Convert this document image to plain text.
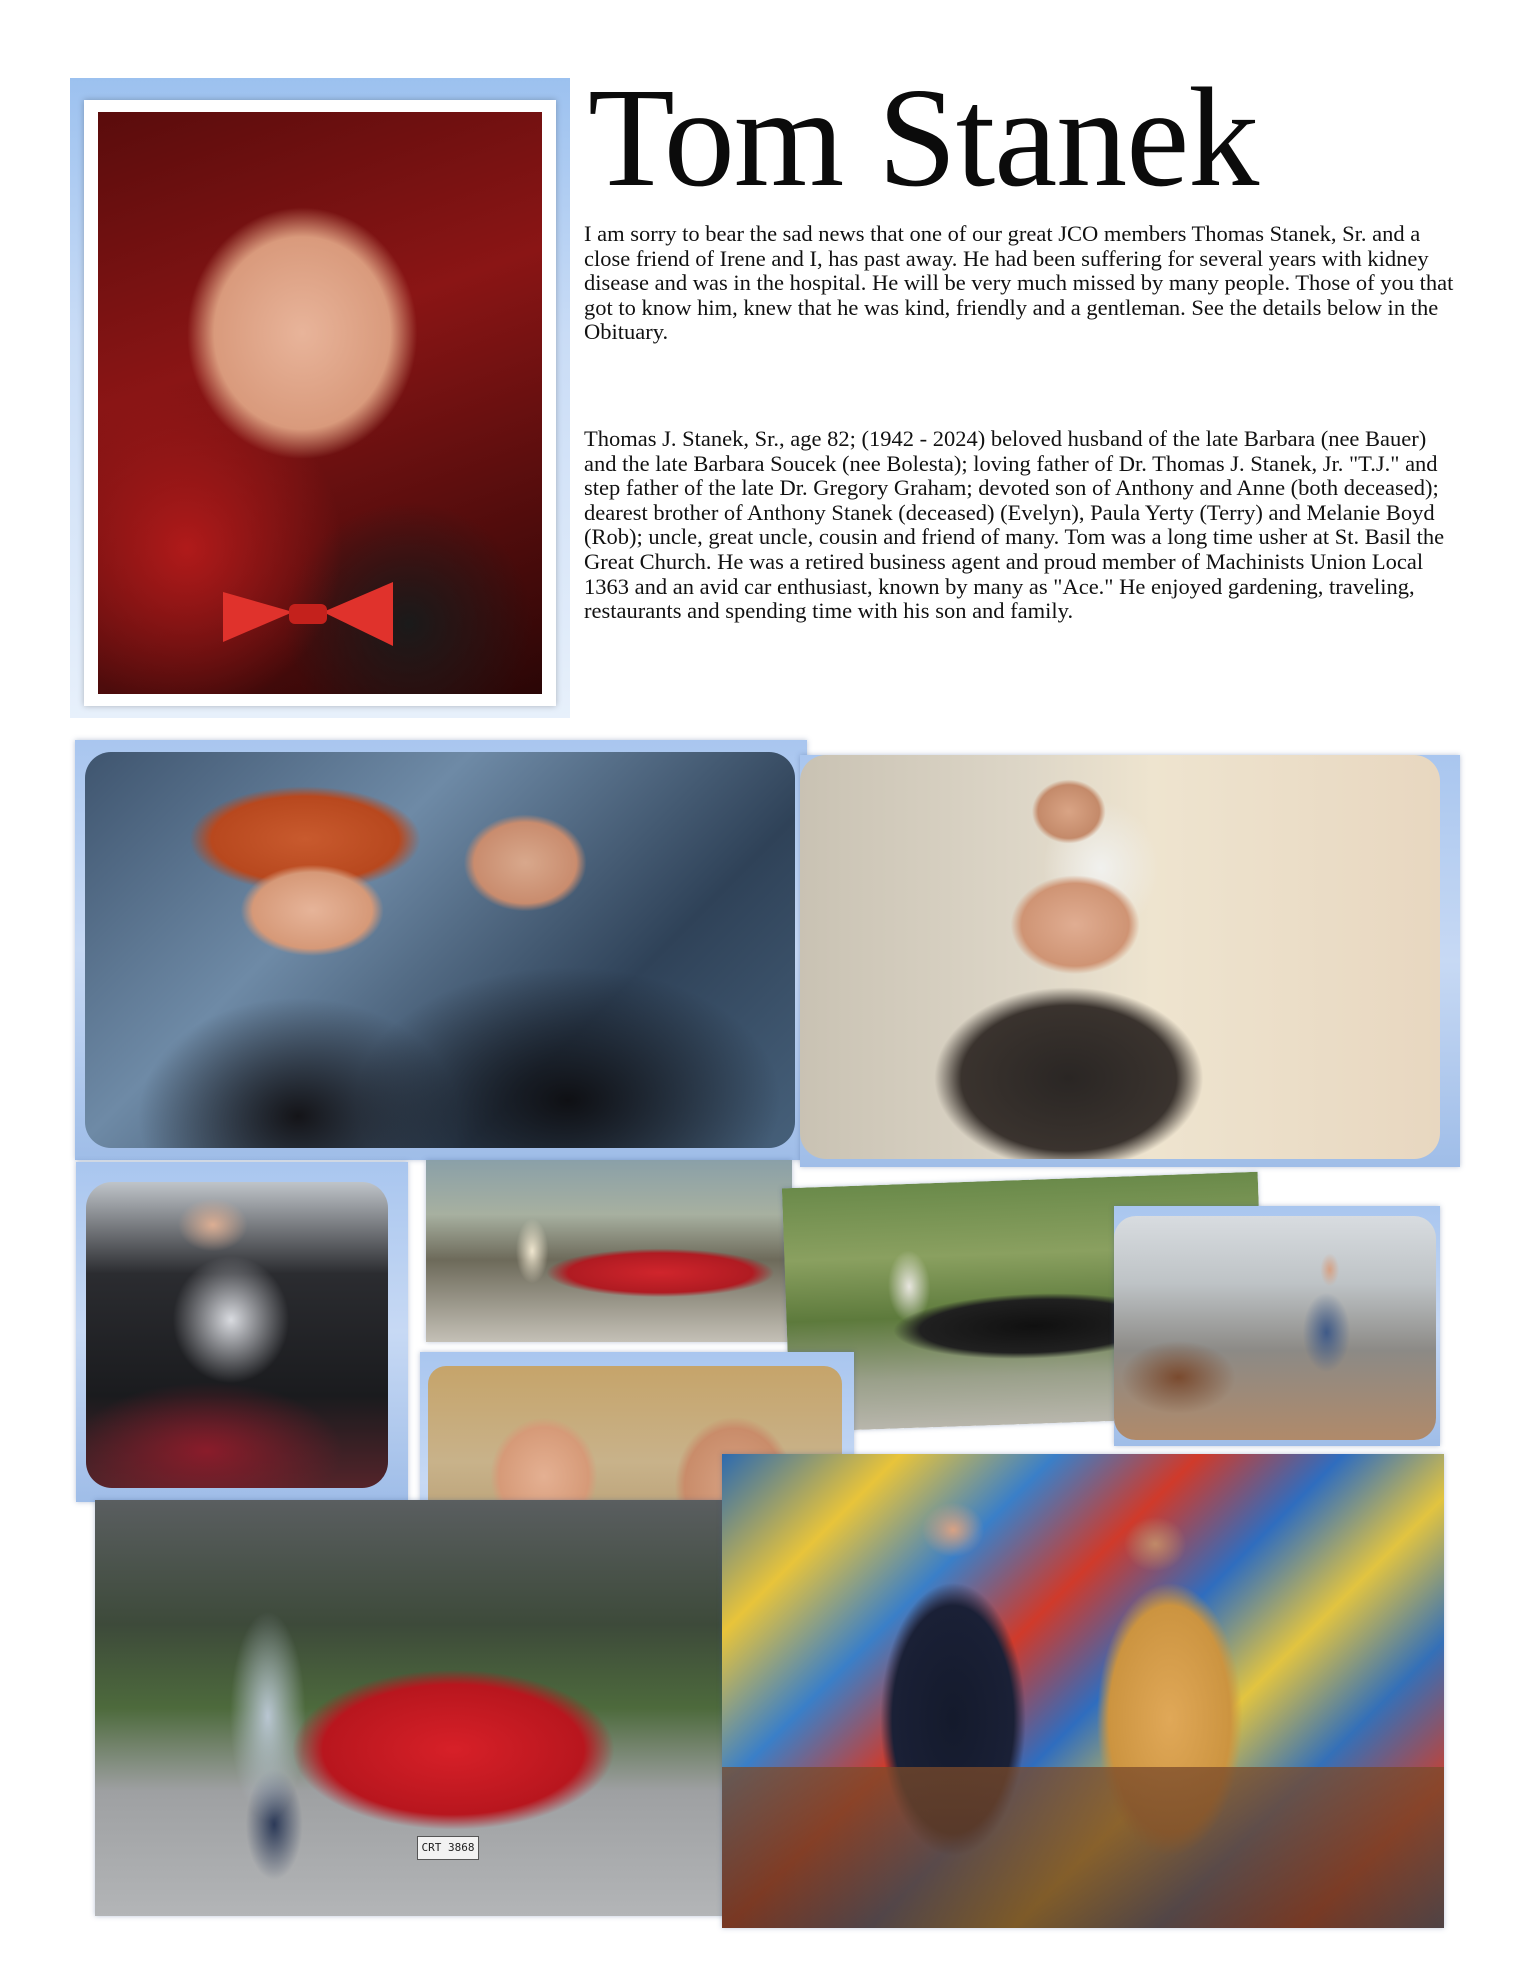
Tom Stanek

I am sorry to bear the sad news that one of our great JCO members Thomas Stanek, Sr. and a close friend of Irene and I, has past away. He had been suffering for several years with kidney disease and was in the hospital. He will be very much missed by many people. Those of you that got to know him, knew that he was kind, friendly and a gentleman. See the details below in the Obituary.

Thomas J. Stanek, Sr., age 82; (1942 - 2024) beloved husband of the late Barbara (nee Bauer) and the late Barbara Soucek (nee Bolesta); loving father of Dr. Thomas J. Stanek, Jr. "T.J." and step father of the late Dr. Gregory Graham; devoted son of Anthony and Anne (both deceased); dearest brother of Anthony Stanek (deceased) (Evelyn), Paula Yerty (Terry) and Melanie Boyd (Rob); uncle, great uncle, cousin and friend of many. Tom was a long time usher at St. Basil the Great Church. He was a retired business agent and proud member of Machinists Union Local 1363 and an avid car enthusiast, known by many as "Ace." He enjoyed gardening, traveling, restaurants and spending time with his son and family.

CRT 3868
